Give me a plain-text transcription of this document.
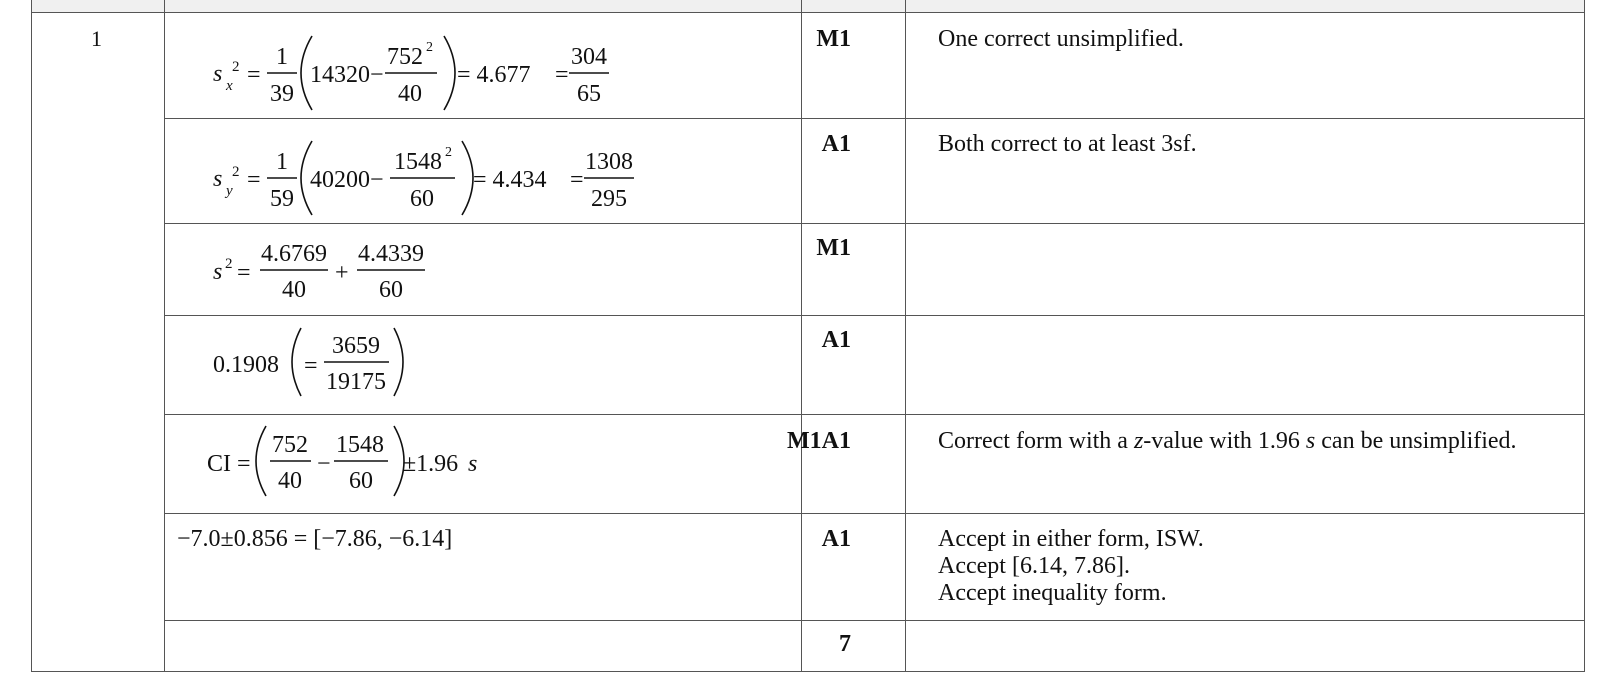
1
s x
2 =
1
39
14320 −
752 2
40
= 4.677 =
304
65
M1	One correct unsimplified.
s y
2 =
1
59
40200 −
1548 2
60
= 4.434 =
1308
295
A1	Both correct to at least 3sf.
s 2 =
4.6769
40
+
4.4339
60
M1
0.1908 =
3659
19175
A1
CI =
752
40
−
1548
60
±1.96 s
M1A1	Correct form with a z-value with 1.96 s can be unsimplified.
−7.0±0.856 = [−7.86, −6.14]	A1	Accept in either form, ISW.
Accept [6.14, 7.86].
Accept inequality form.
7
